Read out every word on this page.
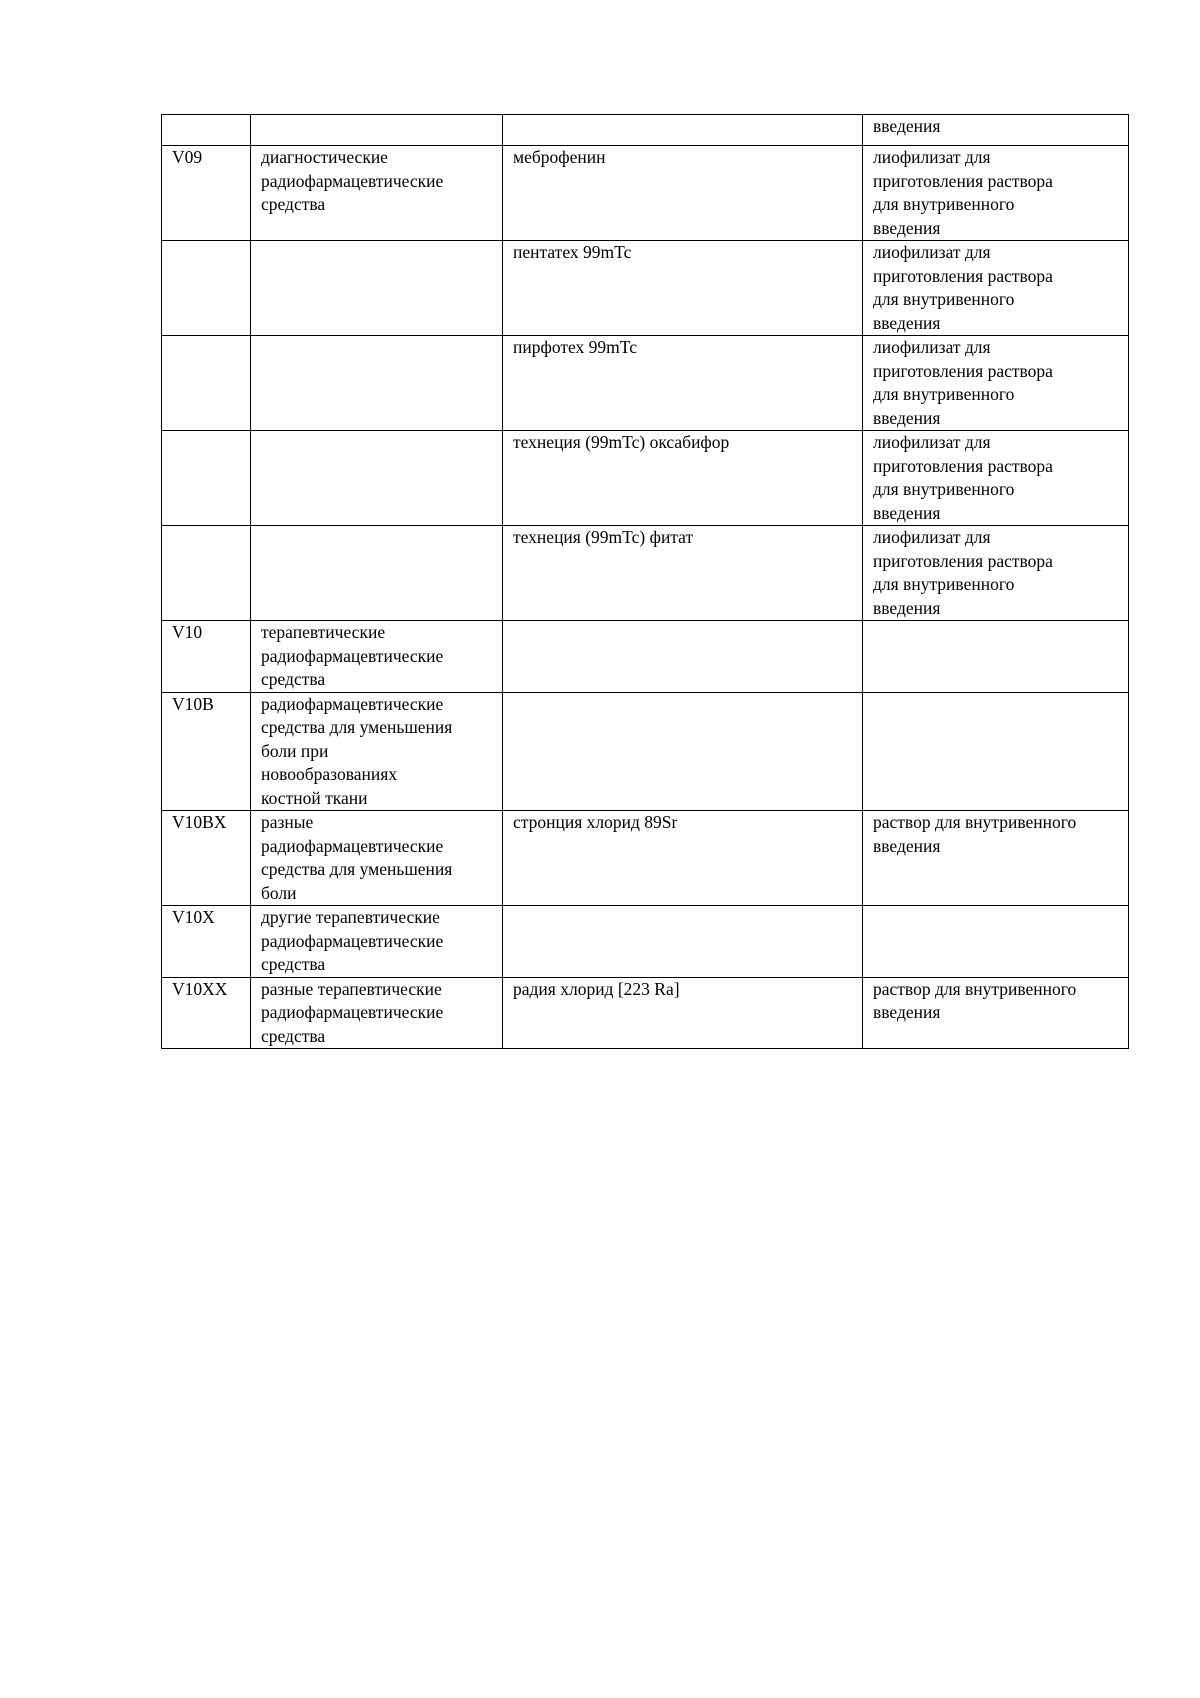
			введения
V09	диагностические
радиофармацевтические
средства	меброфенин	лиофилизат для
приготовления раствора
для внутривенного
введения
		пентатех 99mTc	лиофилизат для
приготовления раствора
для внутривенного
введения
		пирфотех 99mTc	лиофилизат для
приготовления раствора
для внутривенного
введения
		технеция (99mTc) оксабифор	лиофилизат для
приготовления раствора
для внутривенного
введения
		технеция (99mTc) фитат	лиофилизат для
приготовления раствора
для внутривенного
введения
V10	терапевтические
радиофармацевтические
средства		
V10B	радиофармацевтические
средства для уменьшения
боли при
новообразованиях
костной ткани		
V10BX	разные
радиофармацевтические
средства для уменьшения
боли	стронция хлорид 89Sr	раствор для внутривенного
введения
V10X	другие терапевтические
радиофармацевтические
средства		
V10XX	разные терапевтические
радиофармацевтические
средства	радия хлорид [223 Ra]	раствор для внутривенного
введения
